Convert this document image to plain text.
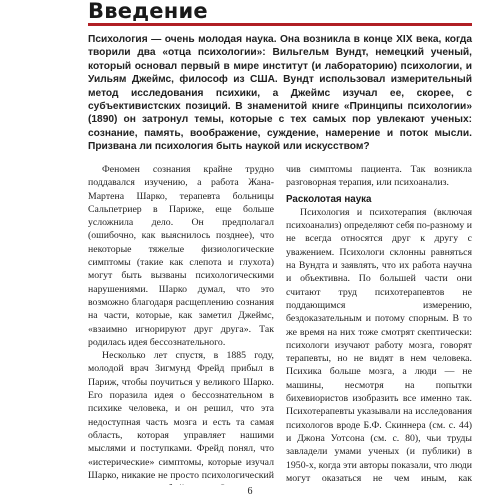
Введение
Психология — очень молодая наука. Она возникла в конце XIX века, когда творили два «отца психологии»: Вильгельм Вундт, немецкий ученый, который основал первый в мире институт (и лабораторию) психологии, и Уильям Джеймс, философ из США. Вундт использовал измерительный метод исследования психики, а Джеймс изучал ее, скорее, с субъективистских позиций. В знаменитой книге «Принципы психологии» (1890) он затронул темы, которые с тех самых пор увлекают ученых: сознание, память, воображение, суждение, намерение и поток мысли. Призвана ли психология быть наукой или искусством?

Феномен сознания крайне трудно поддавался изучению, а работа Жана-Мартена Шарко, терапевта больницы Сальпетриер в Париже, еще больше усложнила дело. Он предполагал (ошибочно, как выяснилось позднее), что некоторые тяжелые физиологические симптомы (такие как слепота и глухота) могут быть вызваны психологическими нарушениями. Шарко думал, что это возможно благодаря расщеплению сознания на части, которые, как заметил Джеймс, «взаимно игнорируют друг друга». Так родилась идея бессознательного.

Несколько лет спустя, в 1885 году, молодой врач Зигмунд Фрейд прибыл в Париж, чтобы поучиться у великого Шарко. Его поразила идея о бессознательном в психике человека, и он решил, что эта недоступная часть мозга и есть та самая область, которая управляет нашими мыслями и поступками. Фрейд понял, что «истерические» симптомы, которые изучал Шарко, никакие не просто психологический

чив симптомы пациента. Так возникла разговорная терапия, или психоанализ.

Расколотая наука

Психология и психотерапия (включая психоанализ) определяют себя по-разному и не всегда относятся друг к другу с уважением. Психологи склонны равняться на Вундта и заявлять, что их работа научна и объективна. По большей части они считают труд психотерапевтов не поддающимся измерению, бездоказательным и потому спорным. В то же время на них тоже смотрят скептически: психологи изучают работу мозга, говорят терапевты, но не видят в нем человека. Психика больше мозга, а люди — не машины, несмотря на попытки бихевиористов изобразить все именно так. Психотерапевты указывали на исследования психологов вроде Б.Ф. Скиннера (см. с. 44) и Джона Уотсона (см. с. 80), чьи труды завладели умами ученых (и публики) в 1950-х, когда эти авторы показали, что люди могут оказаться не чем иным, как

6
